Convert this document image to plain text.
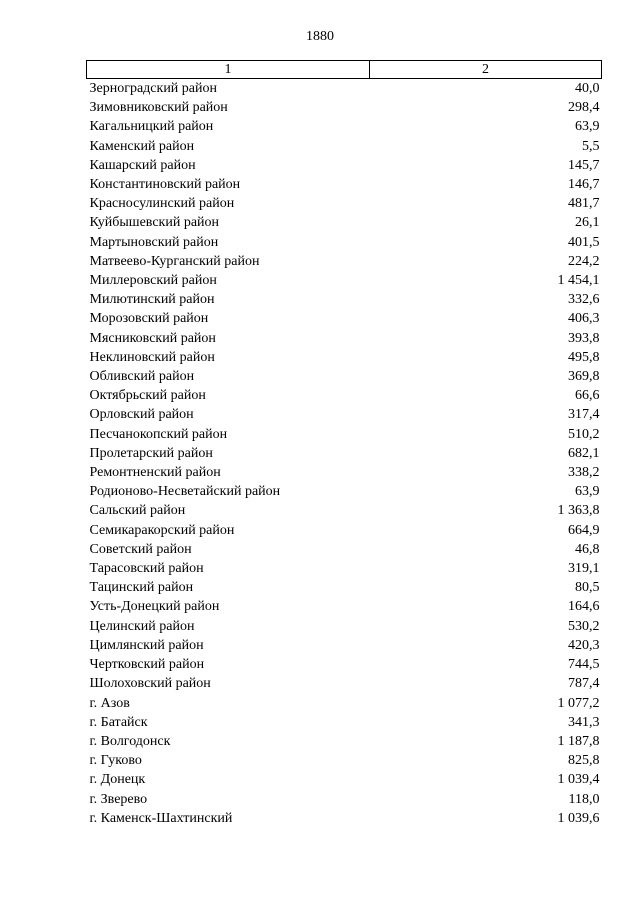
1880
1	2
Зерноградский район	40,0
Зимовниковский район	298,4
Кагальницкий район	63,9
Каменский район	5,5
Кашарский район	145,7
Константиновский район	146,7
Красносулинский район	481,7
Куйбышевский район	26,1
Мартыновский район	401,5
Матвеево-Курганский район	224,2
Миллеровский район	1 454,1
Милютинский район	332,6
Морозовский район	406,3
Мясниковский район	393,8
Неклиновский район	495,8
Обливский район	369,8
Октябрьский район	66,6
Орловский район	317,4
Песчанокопский район	510,2
Пролетарский район	682,1
Ремонтненский район	338,2
Родионово-Несветайский район	63,9
Сальский район	1 363,8
Семикаракорский район	664,9
Советский район	46,8
Тарасовский район	319,1
Тацинский район	80,5
Усть-Донецкий район	164,6
Целинский район	530,2
Цимлянский район	420,3
Чертковский район	744,5
Шолоховский район	787,4
г. Азов	1 077,2
г. Батайск	341,3
г. Волгодонск	1 187,8
г. Гуково	825,8
г. Донецк	1 039,4
г. Зверево	118,0
г. Каменск-Шахтинский	1 039,6
